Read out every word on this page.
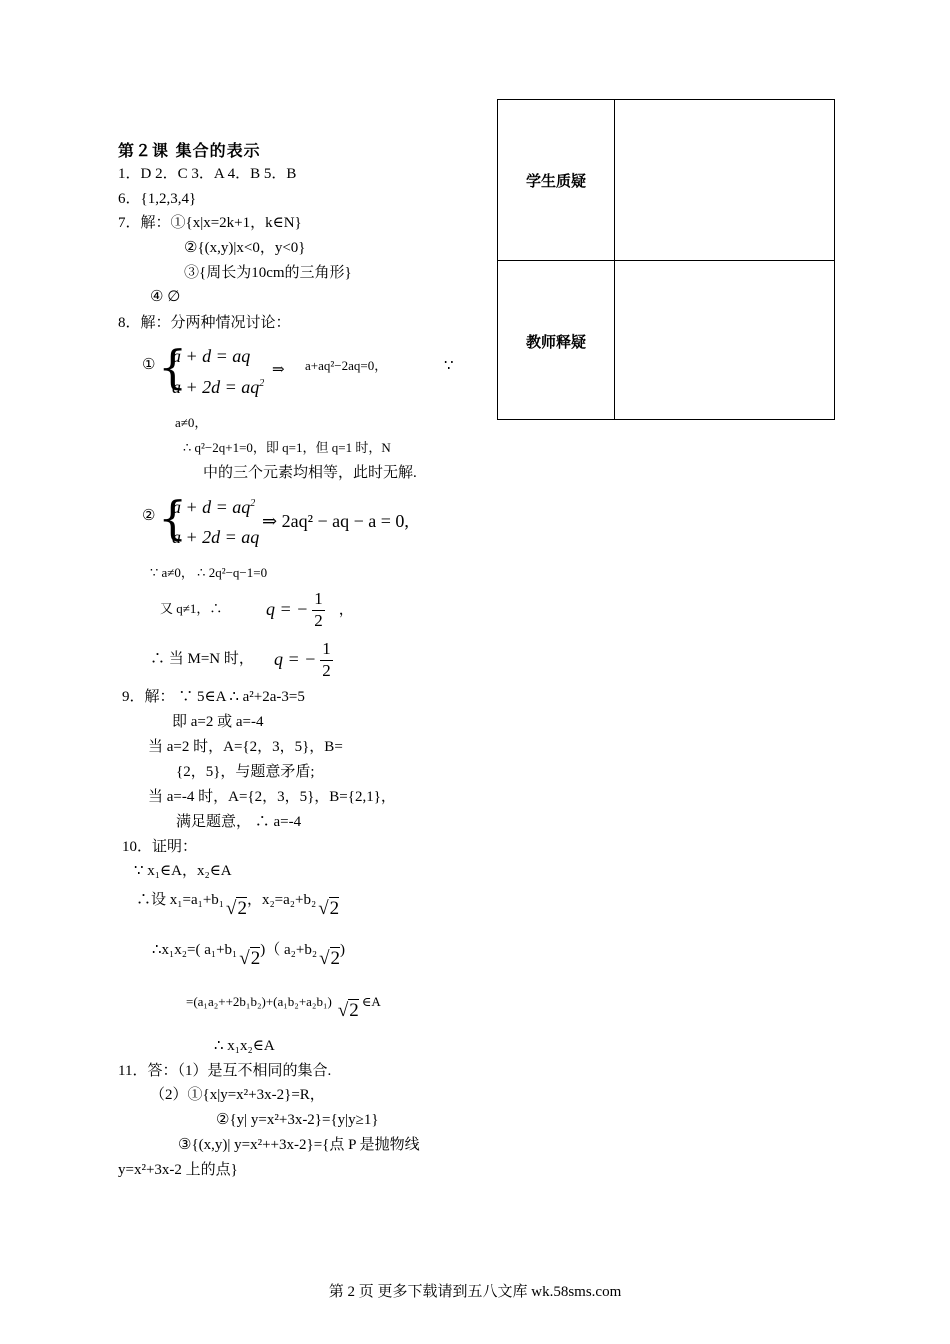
学生质疑
教师释疑
第２课 集合的表示
1．D 2．C 3．A 4．B 5．B
6．{1,2,3,4}
7．解：①{x|x=2k+1，k∈N}
②{(x,y)|x<0，y<0}
③{周长为10cm的三角形}
④ ∅
8．解：分两种情况讨论：
① {
a + d = aq
$a + 2d = aq^2$
⇒ a+aq²−2aq=0，	∵
a≠0，
∴ q²−2q+1=0，即 q=1，但 q=1 时，N
中的三个元素均相等，此时无解.
② {
$a + d = aq^2$
a + 2d = aq
⇒ 2aq² − aq − a = 0,
∵ a≠0， ∴ 2q²−q−1=0
又 q≠1，∴ q = − $\frac{1}{2}$ ，
∴ 当 M=N 时， q = − $\frac{1}{2}$
9．解： ∵ 5∈A ∴ a²+2a-3=5
即 a=2 或 a=-4
当 a=2 时，A={2，3，5}，B=
{2，5}，与题意矛盾;
当 a=-4 时，A={2，3，5}，B={2,1}，
满足题意， ∴ a=-4
10．证明：
∵ x₁∈A，x₂∈A
∴设 x₁=a₁+b₁ √2，x₂=a₂+b₂ √2
∴x₁x₂=( a₁+b₁ √2)（ a₂+b₂ √2)
=(a₁a₂++2b₁b₂)+(a₁b₂+a₂b₁) √2 ∈A
∴ x₁x₂∈A
11．答：（1）是互不相同的集合.
（2）①{x|y=x²+3x-2}=R，
②{y| y=x²+3x-2}={y|y≥1}
③{(x,y)| y=x²++3x-2}={点 P 是抛物线
y=x²+3x-2 上的点}
第 2 页 更多下载请到五八文库 wk.58sms.com
